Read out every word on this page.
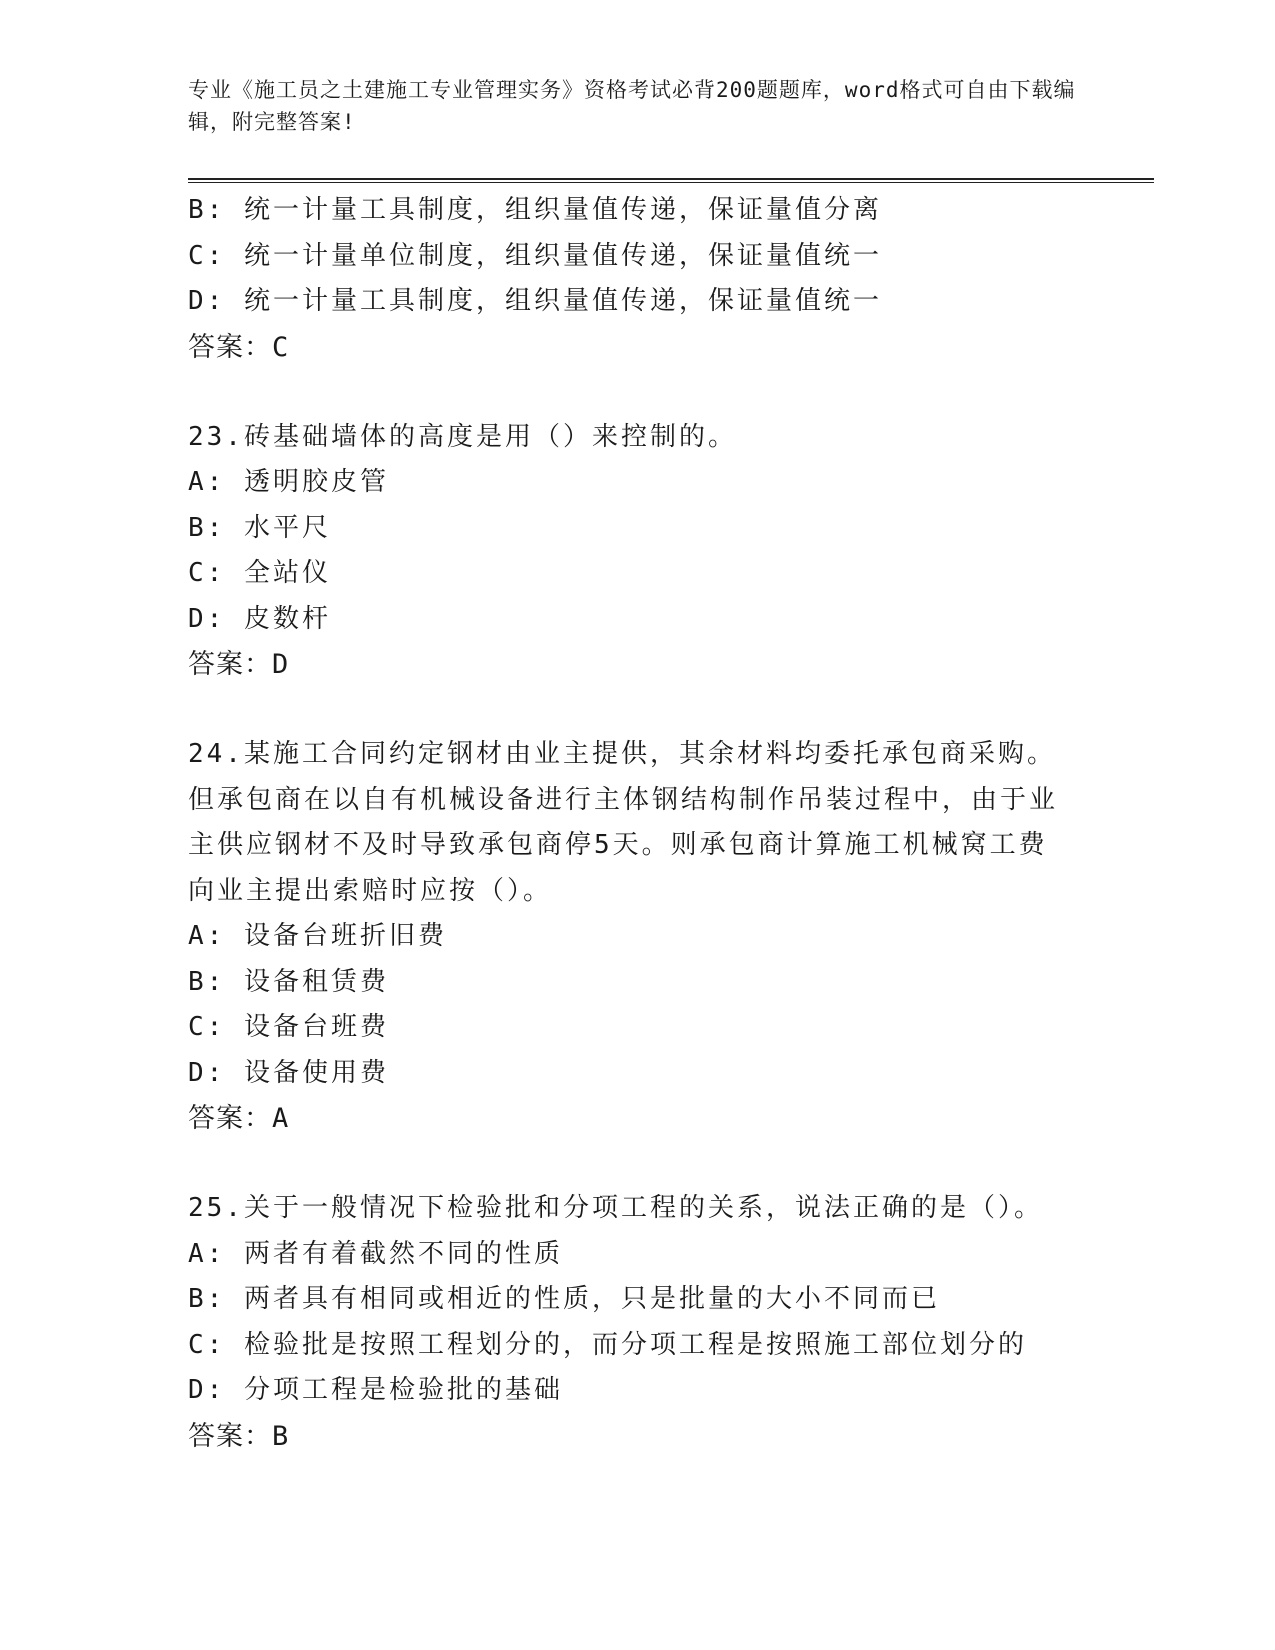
专业《施工员之土建施工专业管理实务》资格考试必背200题题库，word格式可自由下载编辑，附完整答案!
B: 统一计量工具制度，组织量值传递，保证量值分离
C: 统一计量单位制度，组织量值传递，保证量值统一
D: 统一计量工具制度，组织量值传递，保证量值统一
答案：C
23.砖基础墙体的高度是用（）来控制的。
A: 透明胶皮管
B: 水平尺
C: 全站仪
D: 皮数杆
答案：D
24.某施工合同约定钢材由业主提供，其余材料均委托承包商采购。但承包商在以自有机械设备进行主体钢结构制作吊装过程中，由于业主供应钢材不及时导致承包商停5天。则承包商计算施工机械窝工费向业主提出索赔时应按（）。
A: 设备台班折旧费
B: 设备租赁费
C: 设备台班费
D: 设备使用费
答案：A
25.关于一般情况下检验批和分项工程的关系，说法正确的是（）。
A: 两者有着截然不同的性质
B: 两者具有相同或相近的性质，只是批量的大小不同而已
C: 检验批是按照工程划分的，而分项工程是按照施工部位划分的
D: 分项工程是检验批的基础
答案：B
